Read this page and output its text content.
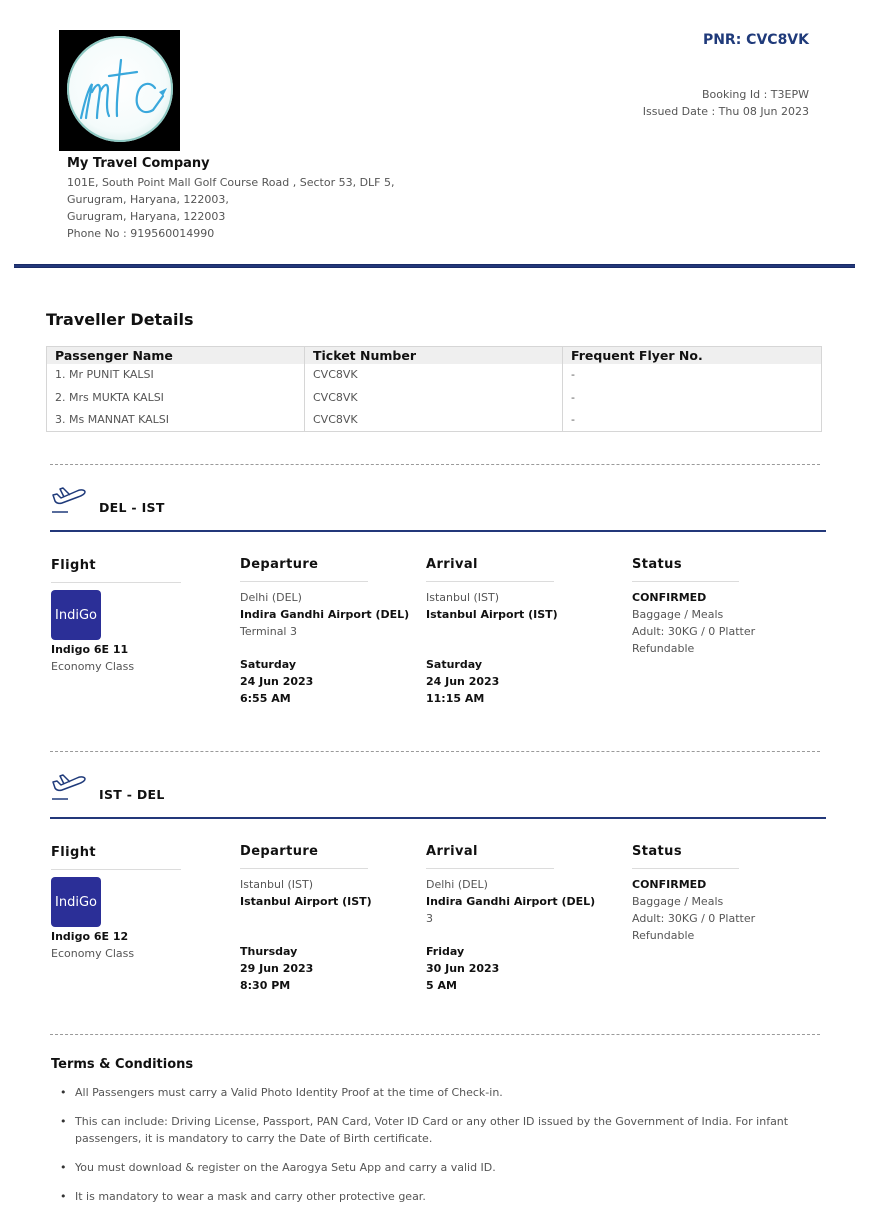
PNR: CVC8VK
Booking Id : T3EPW
Issued Date : Thu 08 Jun 2023
My Travel Company
101E, South Point Mall Golf Course Road , Sector 53, DLF 5,
Gurugram, Haryana, 122003,
Gurugram, Haryana, 122003
Phone No : 919560014990
Traveller Details
Passenger Name	Ticket Number	Frequent Flyer No.
1. Mr PUNIT KALSI	CVC8VK	-
2. Mrs MUKTA KALSI	CVC8VK	-
3. Ms MANNAT KALSI	CVC8VK	-
DEL - IST
Flight
IndiGo
Indigo 6E 11
Economy Class
Departure
Delhi (DEL)
Indira Gandhi Airport (DEL)
Terminal 3
Saturday
24 Jun 2023
6:55 AM
Arrival
Istanbul (IST)
Istanbul Airport (IST)
Saturday
24 Jun 2023
11:15 AM
Status
CONFIRMED
Baggage / Meals
Adult: 30KG / 0 Platter
Refundable
IST - DEL
Flight
IndiGo
Indigo 6E 12
Economy Class
Departure
Istanbul (IST)
Istanbul Airport (IST)
Thursday
29 Jun 2023
8:30 PM
Arrival
Delhi (DEL)
Indira Gandhi Airport (DEL)
3
Friday
30 Jun 2023
5 AM
Status
CONFIRMED
Baggage / Meals
Adult: 30KG / 0 Platter
Refundable
Terms & Conditions
• All Passengers must carry a Valid Photo Identity Proof at the time of Check-in.
• This can include: Driving License, Passport, PAN Card, Voter ID Card or any other ID issued by the Government of India. For infant passengers, it is mandatory to carry the Date of Birth certificate.
• You must download & register on the Aarogya Setu App and carry a valid ID.
• It is mandatory to wear a mask and carry other protective gear.
